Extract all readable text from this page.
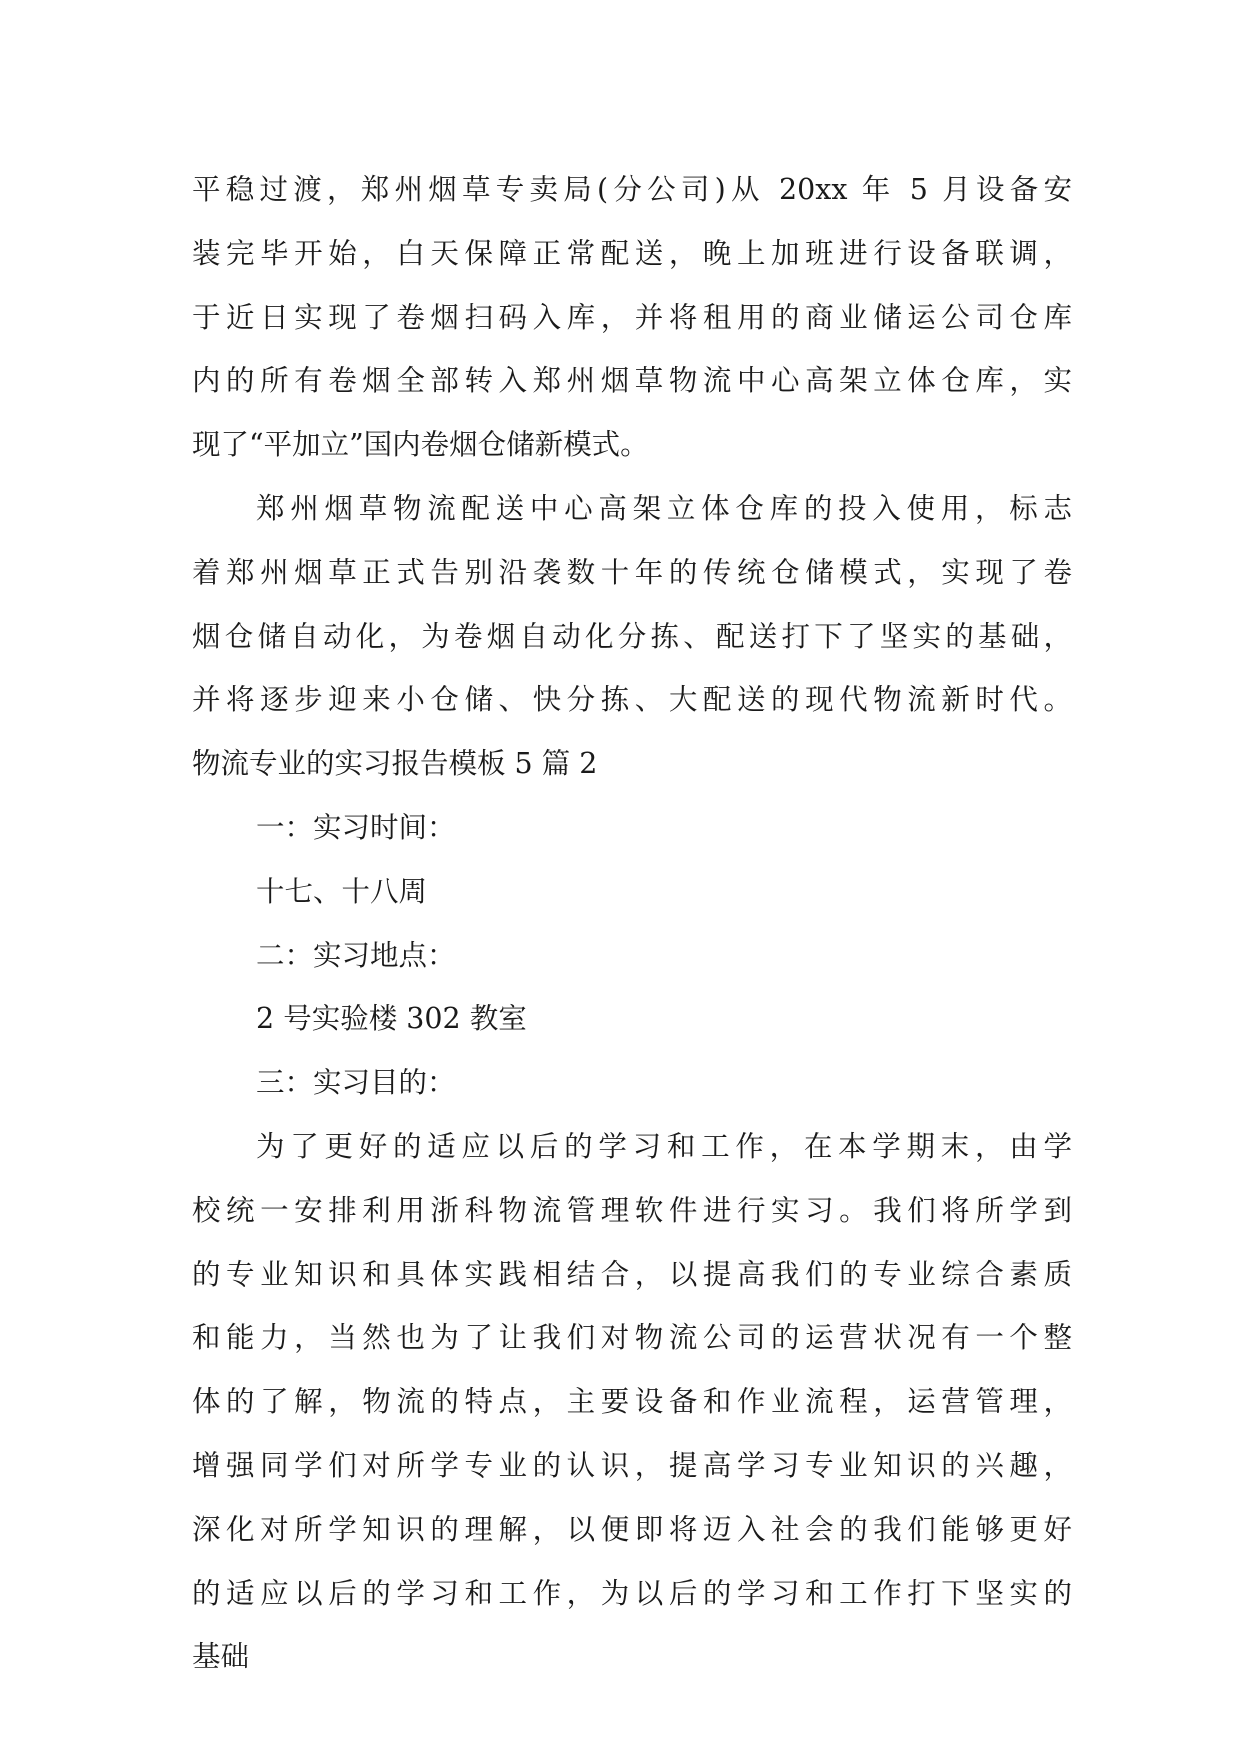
平稳过渡，郑州烟草专卖局(分公司)从 20xx 年 5 月设备安
装完毕开始，白天保障正常配送，晚上加班进行设备联调，
于近日实现了卷烟扫码入库，并将租用的商业储运公司仓库
内的所有卷烟全部转入郑州烟草物流中心高架立体仓库，实
现了“平加立”国内卷烟仓储新模式。
郑州烟草物流配送中心高架立体仓库的投入使用，标志
着郑州烟草正式告别沿袭数十年的传统仓储模式，实现了卷
烟仓储自动化，为卷烟自动化分拣、配送打下了坚实的基础，
并将逐步迎来小仓储、快分拣、大配送的现代物流新时代。
物流专业的实习报告模板 5 篇 2
一：实习时间：
十七、十八周
二：实习地点：
2 号实验楼 302 教室
三：实习目的：
为了更好的适应以后的学习和工作，在本学期末，由学
校统一安排利用浙科物流管理软件进行实习。我们将所学到
的专业知识和具体实践相结合，以提高我们的专业综合素质
和能力，当然也为了让我们对物流公司的运营状况有一个整
体的了解，物流的特点，主要设备和作业流程，运营管理，
增强同学们对所学专业的认识，提高学习专业知识的兴趣，
深化对所学知识的理解，以便即将迈入社会的我们能够更好
的适应以后的学习和工作，为以后的学习和工作打下坚实的
基础
